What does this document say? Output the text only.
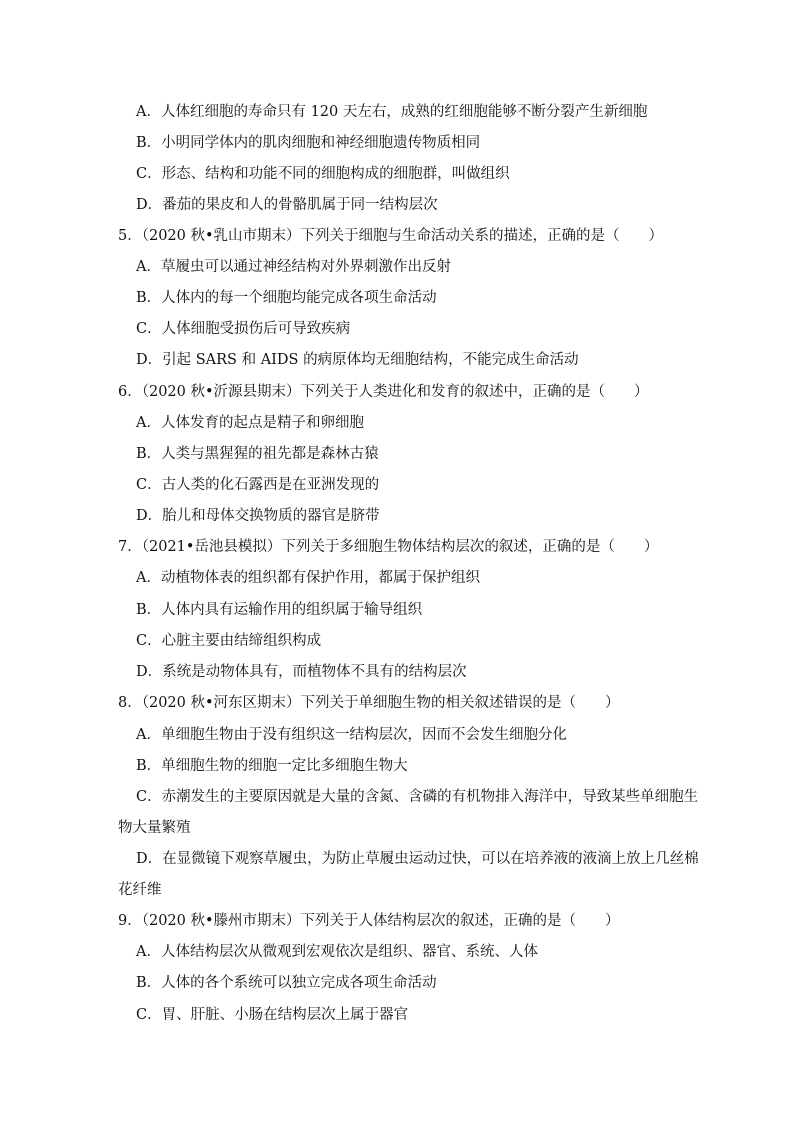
A．人体红细胞的寿命只有 120 天左右，成熟的红细胞能够不断分裂产生新细胞
B．小明同学体内的肌肉细胞和神经细胞遗传物质相同
C．形态、结构和功能不同的细胞构成的细胞群，叫做组织
D．番茄的果皮和人的骨骼肌属于同一结构层次
5．（2020 秋•乳山市期末）下列关于细胞与生命活动关系的描述，正确的是（　　）
A．草履虫可以通过神经结构对外界刺激作出反射
B．人体内的每一个细胞均能完成各项生命活动
C．人体细胞受损伤后可导致疾病
D．引起 SARS 和 AIDS 的病原体均无细胞结构，不能完成生命活动
6．（2020 秋•沂源县期末）下列关于人类进化和发育的叙述中，正确的是（　　）
A．人体发育的起点是精子和卵细胞
B．人类与黑猩猩的祖先都是森林古猿
C．古人类的化石露西是在亚洲发现的
D．胎儿和母体交换物质的器官是脐带
7．（2021•岳池县模拟）下列关于多细胞生物体结构层次的叙述，正确的是（　　）
A．动植物体表的组织都有保护作用，都属于保护组织
B．人体内具有运输作用的组织属于输导组织
C．心脏主要由结缔组织构成
D．系统是动物体具有，而植物体不具有的结构层次
8．（2020 秋•河东区期末）下列关于单细胞生物的相关叙述错误的是（　　）
A．单细胞生物由于没有组织这一结构层次，因而不会发生细胞分化
B．单细胞生物的细胞一定比多细胞生物大
C．赤潮发生的主要原因就是大量的含氮、含磷的有机物排入海洋中，导致某些单细胞生
物大量繁殖
D．在显微镜下观察草履虫，为防止草履虫运动过快，可以在培养液的液滴上放上几丝棉
花纤维
9．（2020 秋•滕州市期末）下列关于人体结构层次的叙述，正确的是（　　）
A．人体结构层次从微观到宏观依次是组织、器官、系统、人体
B．人体的各个系统可以独立完成各项生命活动
C．胃、肝脏、小肠在结构层次上属于器官
